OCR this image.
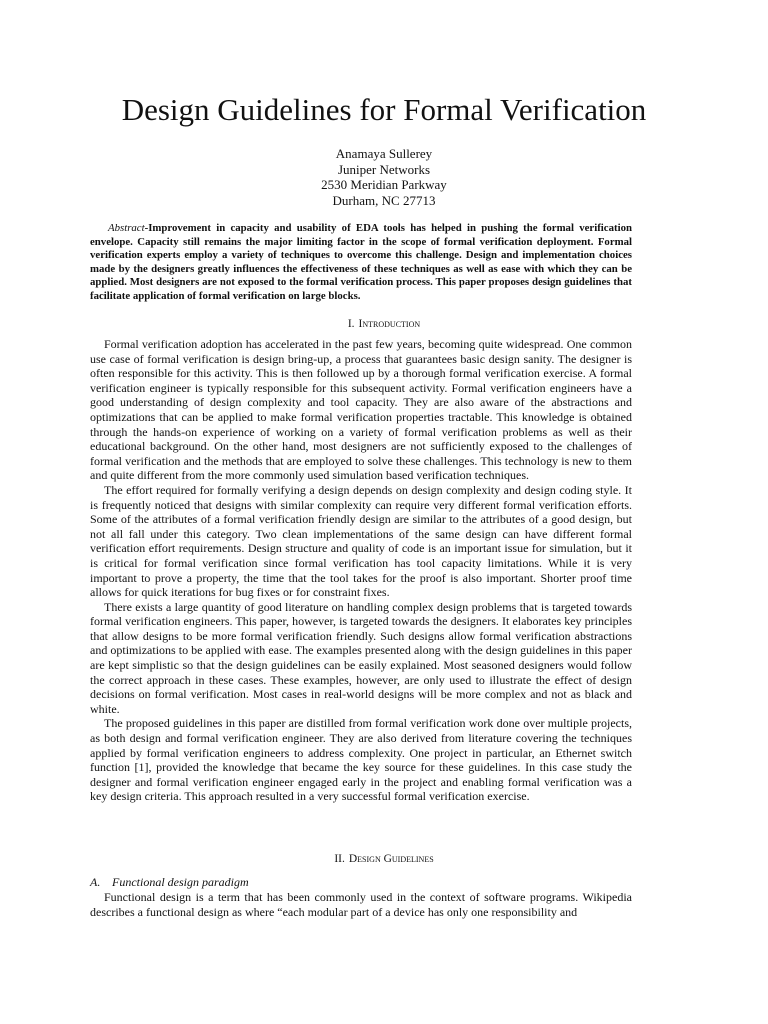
Design Guidelines for Formal Verification
Anamaya Sullerey
Juniper Networks
2530 Meridian Parkway
Durham, NC 27713

Abstract-Improvement in capacity and usability of EDA tools has helped in pushing the formal verification envelope. Capacity still remains the major limiting factor in the scope of formal verification deployment. Formal verification experts employ a variety of techniques to overcome this challenge. Design and implementation choices made by the designers greatly influences the effectiveness of these techniques as well as ease with which they can be applied. Most designers are not exposed to the formal verification process. This paper proposes design guidelines that facilitate application of formal verification on large blocks.

I. Introduction

Formal verification adoption has accelerated in the past few years, becoming quite widespread. One common use case of formal verification is design bring-up, a process that guarantees basic design sanity. The designer is often responsible for this activity. This is then followed up by a thorough formal verification exercise. A formal verification engineer is typically responsible for this subsequent activity. Formal verification engineers have a good understanding of design complexity and tool capacity. They are also aware of the abstractions and optimizations that can be applied to make formal verification properties tractable. This knowledge is obtained through the hands-on experience of working on a variety of formal verification problems as well as their educational background. On the other hand, most designers are not sufficiently exposed to the challenges of formal verification and the methods that are employed to solve these challenges. This technology is new to them and quite different from the more commonly used simulation based verification techniques.

The effort required for formally verifying a design depends on design complexity and design coding style. It is frequently noticed that designs with similar complexity can require very different formal verification efforts. Some of the attributes of a formal verification friendly design are similar to the attributes of a good design, but not all fall under this category. Two clean implementations of the same design can have different formal verification effort requirements. Design structure and quality of code is an important issue for simulation, but it is critical for formal verification since formal verification has tool capacity limitations. While it is very important to prove a property, the time that the tool takes for the proof is also important. Shorter proof time allows for quick iterations for bug fixes or for constraint fixes.

There exists a large quantity of good literature on handling complex design problems that is targeted towards formal verification engineers. This paper, however, is targeted towards the designers. It elaborates key principles that allow designs to be more formal verification friendly. Such designs allow formal verification abstractions and optimizations to be applied with ease. The examples presented along with the design guidelines in this paper are kept simplistic so that the design guidelines can be easily explained. Most seasoned designers would follow the correct approach in these cases. These examples, however, are only used to illustrate the effect of design decisions on formal verification. Most cases in real-world designs will be more complex and not as black and white.

The proposed guidelines in this paper are distilled from formal verification work done over multiple projects, as both design and formal verification engineer. They are also derived from literature covering the techniques applied by formal verification engineers to address complexity. One project in particular, an Ethernet switch function [1], provided the knowledge that became the key source for these guidelines. In this case study the designer and formal verification engineer engaged early in the project and enabling formal verification was a key design criteria. This approach resulted in a very successful formal verification exercise.

II. Design Guidelines
A. Functional design paradigm

Functional design is a term that has been commonly used in the context of software programs. Wikipedia describes a functional design as where “each modular part of a device has only one responsibility and
